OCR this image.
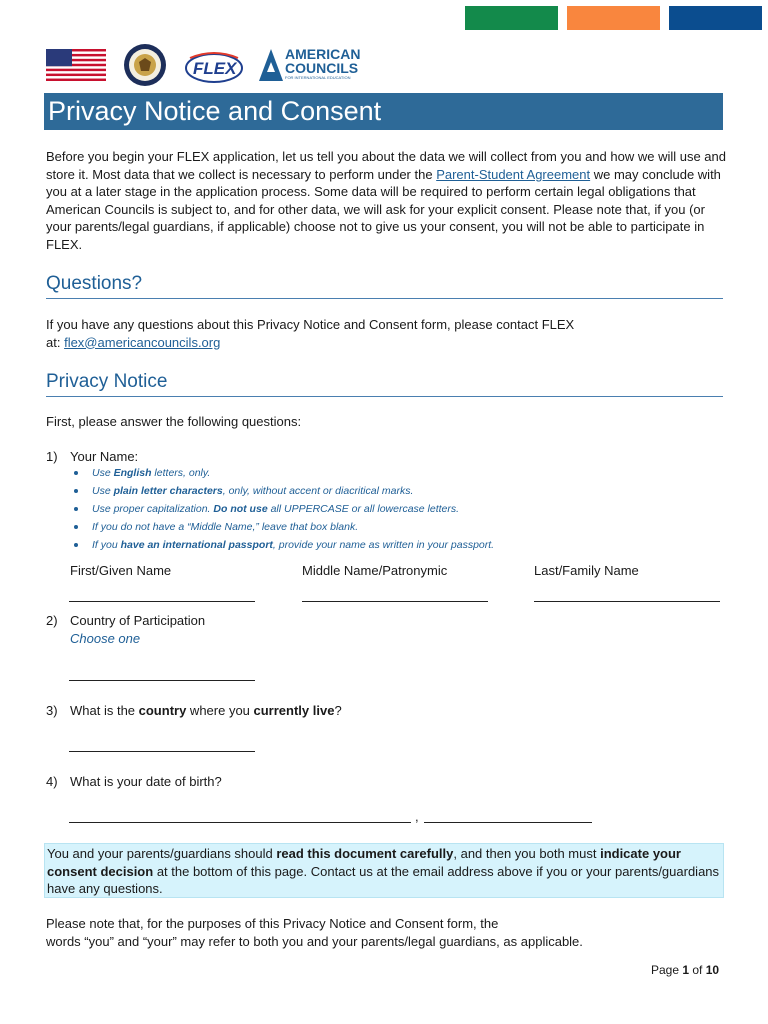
FLEX
AMERICAN
COUNCILS
FOR INTERNATIONAL EDUCATION
Privacy Notice and Consent
Before you begin your FLEX application, let us tell you about the data we will collect from you and how we will use and store it. Most data that we collect is necessary to perform under the Parent-Student Agreement we may conclude with you at a later stage in the application process. Some data will be required to perform certain legal obligations that American Councils is subject to, and for other data, we will ask for your explicit consent. Please note that, if you (or your parents/legal guardians, if applicable) choose not to give us your consent, you will not be able to participate in FLEX.
Questions?
If you have any questions about this Privacy Notice and Consent form, please contact FLEX
at: flex@americancouncils.org
Privacy Notice
First, please answer the following questions:
1) Your Name:
Use English letters, only.
Use plain letter characters, only, without accent or diacritical marks.
Use proper capitalization. Do not use all UPPERCASE or all lowercase letters.
If you do not have a “Middle Name,” leave that box blank.
If you have an international passport, provide your name as written in your passport.
First/Given Name	Middle Name/Patronymic	Last/Family Name
2) Country of Participation
Choose one
3) What is the country where you currently live?
4) What is your date of birth?
,
You and your parents/guardians should read this document carefully, and then you both must indicate your consent decision at the bottom of this page. Contact us at the email address above if you or your parents/guardians have any questions.
Please note that, for the purposes of this Privacy Notice and Consent form, the
words “you” and “your” may refer to both you and your parents/legal guardians, as applicable.
Page 1 of 10
